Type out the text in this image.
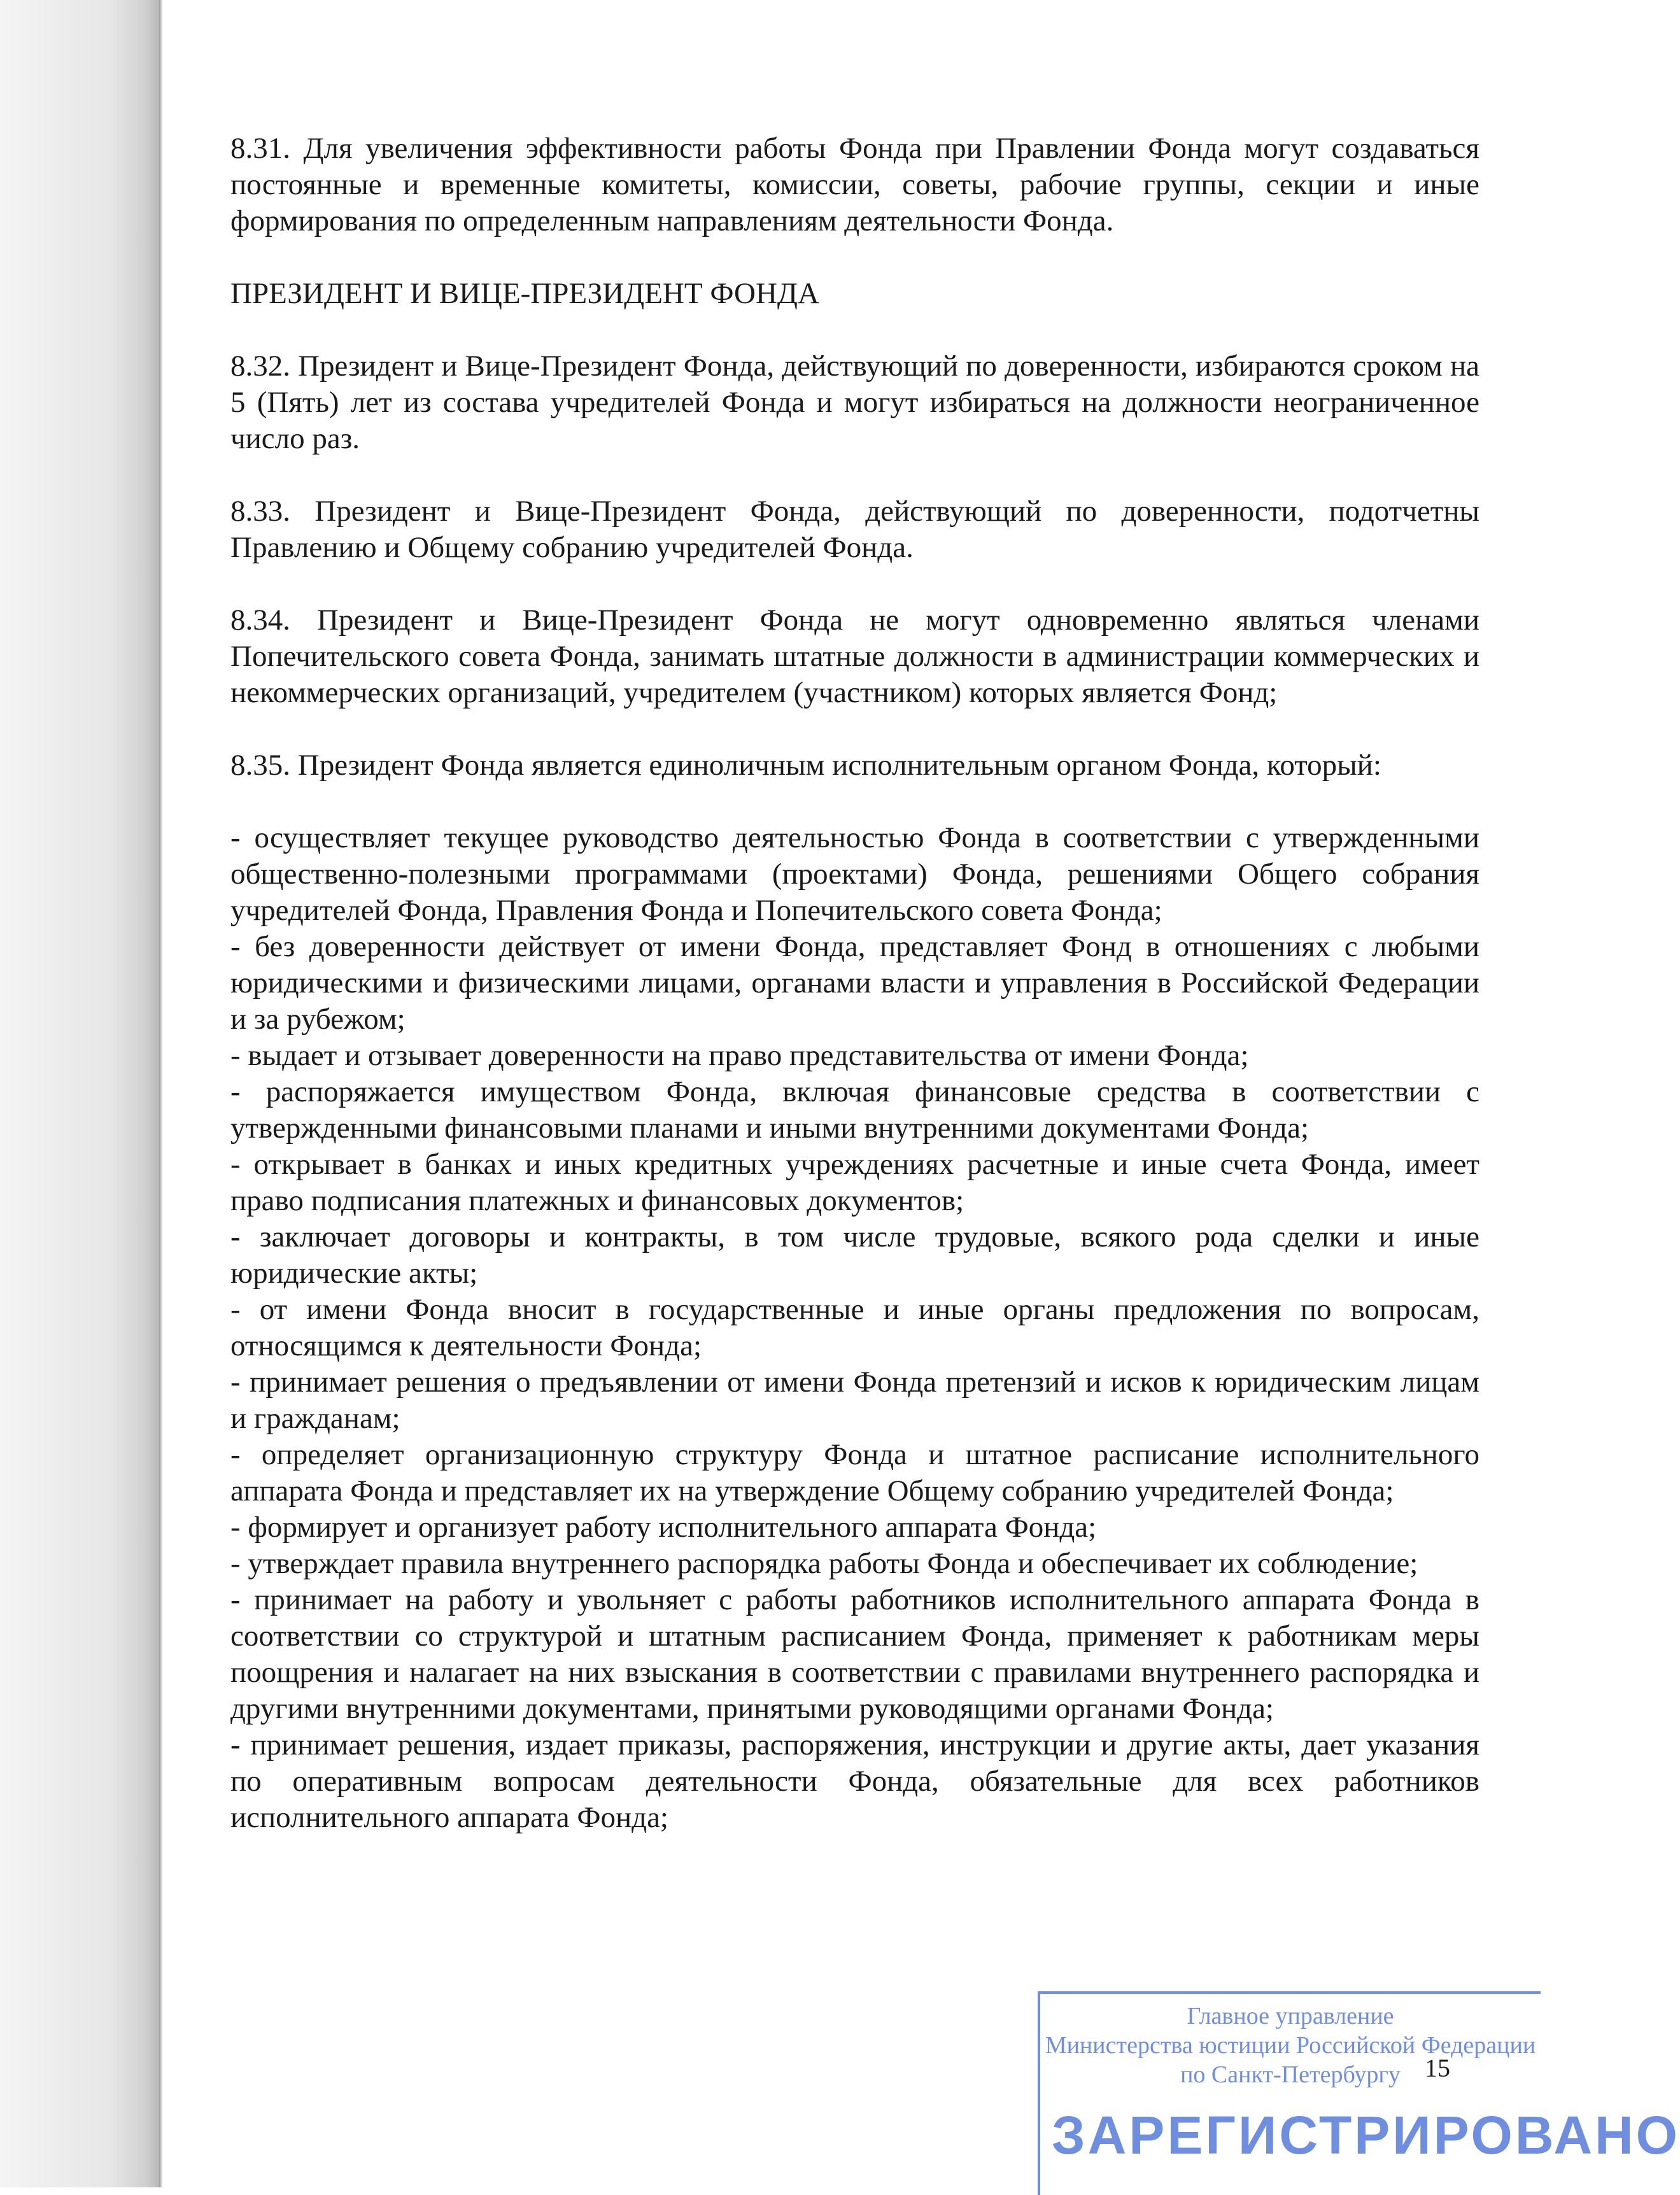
8.31. Для увеличения эффективности работы Фонда при Правлении Фонда могут создаваться постоянные и временные комитеты, комиссии, советы, рабочие группы, секции и иные формирования по определенным направлениям деятельности Фонда.

ПРЕЗИДЕНТ И ВИЦЕ-ПРЕЗИДЕНТ ФОНДА

8.32. Президент и Вице-Президент Фонда, действующий по доверенности, избираются сроком на 5 (Пять) лет из состава учредителей Фонда и могут избираться на должности неограниченное число раз.

8.33. Президент и Вице-Президент Фонда, действующий по доверенности, подотчетны Правлению и Общему собранию учредителей Фонда.

8.34. Президент и Вице-Президент Фонда не могут одновременно являться членами Попечительского совета Фонда, занимать штатные должности в администрации коммерческих и некоммерческих организаций, учредителем (участником) которых является Фонд;

8.35. Президент Фонда является единоличным исполнительным органом Фонда, который:

- осуществляет текущее руководство деятельностью Фонда в соответствии с утвержденными общественно-полезными программами (проектами) Фонда, решениями Общего собрания учредителей Фонда, Правления Фонда и Попечительского совета Фонда;

- без доверенности действует от имени Фонда, представляет Фонд в отношениях с любыми юридическими и физическими лицами, органами власти и управления в Российской Федерации и за рубежом;

- выдает и отзывает доверенности на право представительства от имени Фонда;

- распоряжается имуществом Фонда, включая финансовые средства в соответствии с утвержденными финансовыми планами и иными внутренними документами Фонда;

- открывает в банках и иных кредитных учреждениях расчетные и иные счета Фонда, имеет право подписания платежных и финансовых документов;

- заключает договоры и контракты, в том числе трудовые, всякого рода сделки и иные юридические акты;

- от имени Фонда вносит в государственные и иные органы предложения по вопросам, относящимся к деятельности Фонда;

- принимает решения о предъявлении от имени Фонда претензий и исков к юридическим лицам и гражданам;

- определяет организационную структуру Фонда и штатное расписание исполнительного аппарата Фонда и представляет их на утверждение Общему собранию учредителей Фонда;

- формирует и организует работу исполнительного аппарата Фонда;

- утверждает правила внутреннего распорядка работы Фонда и обеспечивает их соблюдение;

- принимает на работу и увольняет с работы работников исполнительного аппарата Фонда в соответствии со структурой и штатным расписанием Фонда, применяет к работникам меры поощрения и налагает на них взыскания в соответствии с правилами внутреннего распорядка и другими внутренними документами, принятыми руководящими органами Фонда;

- принимает решения, издает приказы, распоряжения, инструкции и другие акты, дает указания по оперативным вопросам деятельности Фонда, обязательные для всех работников исполнительного аппарата Фонда;

Главное управление
Министерства юстиции Российской Федерации
по Санкт-Петербургу
ЗАРЕГИСТРИРОВАНО
15
